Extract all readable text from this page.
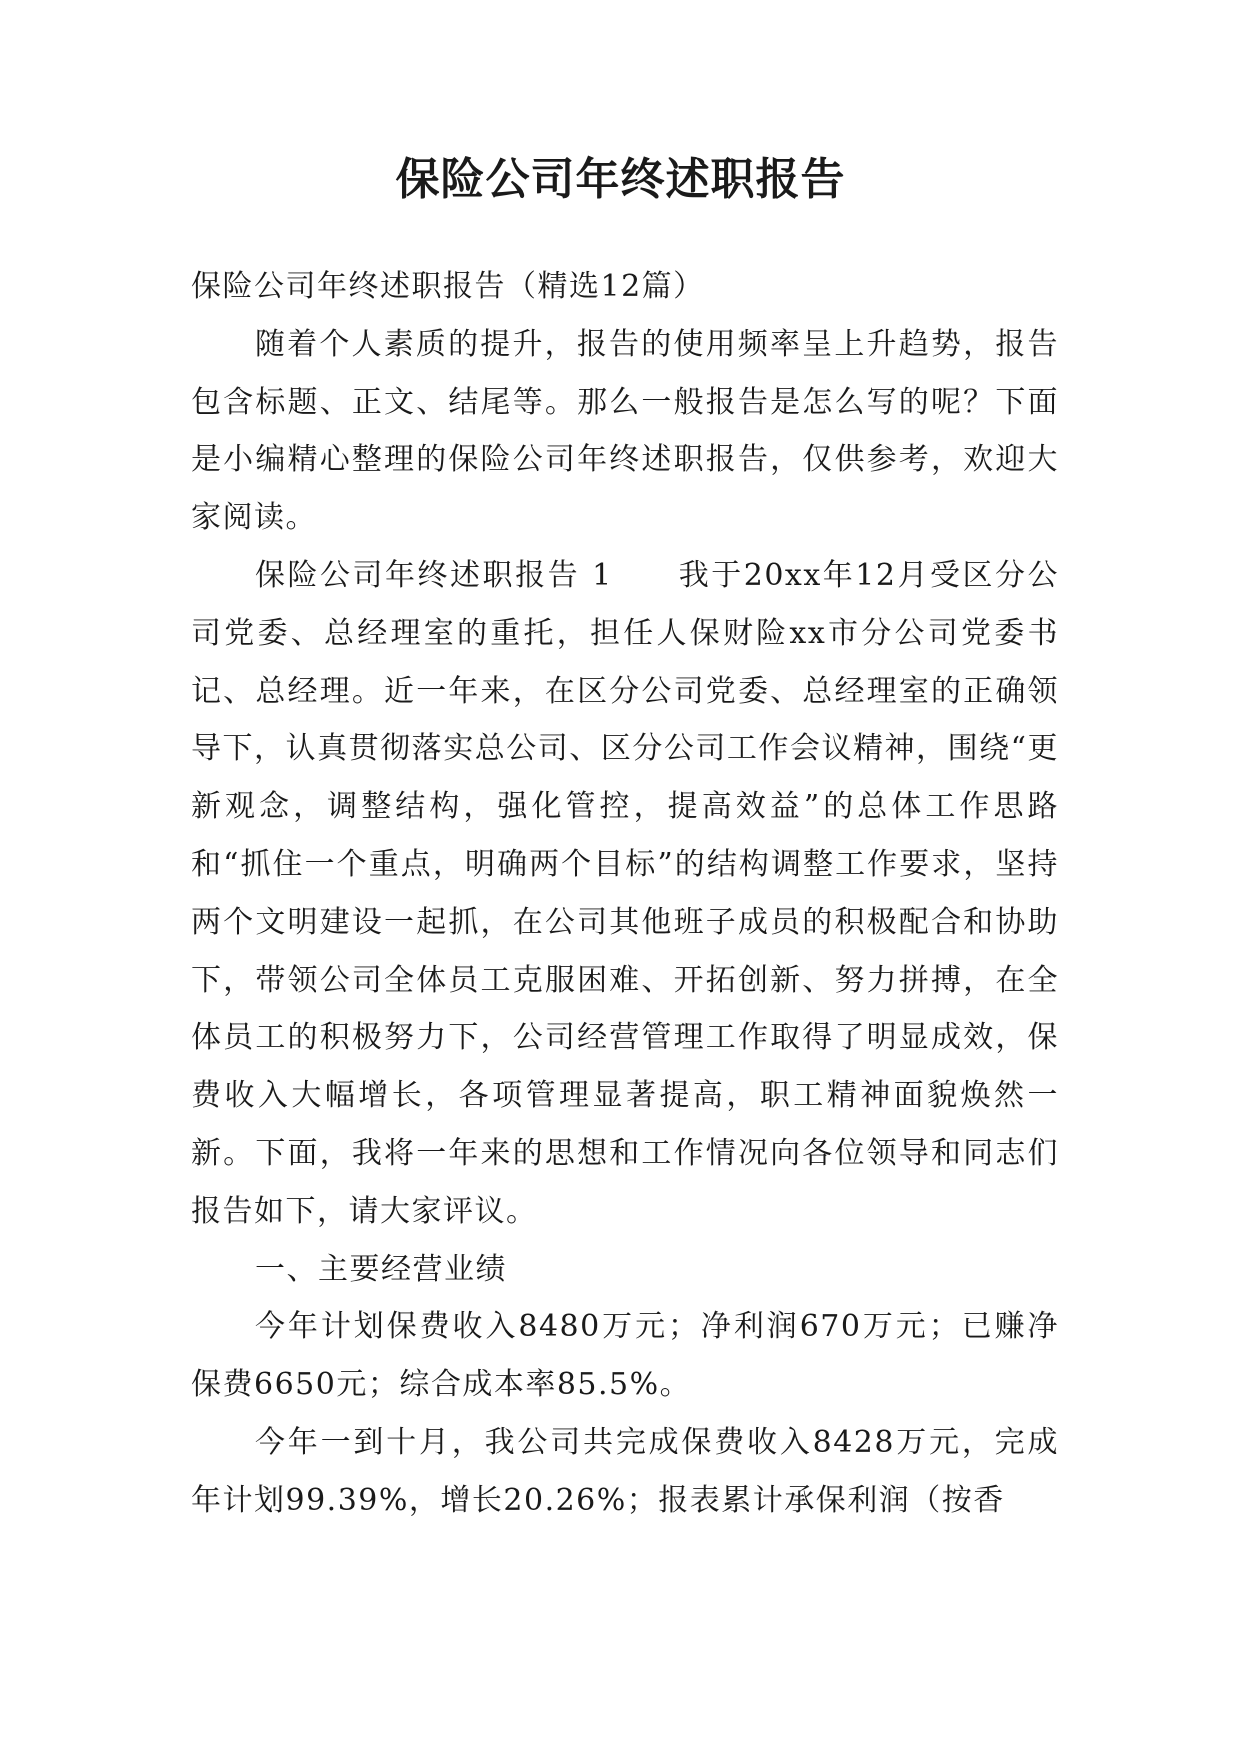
保险公司年终述职报告

保险公司年终述职报告（精选12篇）

随着个人素质的提升，报告的使用频率呈上升趋势，报告包含标题、正文、结尾等。那么一般报告是怎么写的呢？下面是小编精心整理的保险公司年终述职报告，仅供参考，欢迎大家阅读。

保险公司年终述职报告 1　　我于20xx年12月受区分公司党委、总经理室的重托，担任人保财险xx市分公司党委书记、总经理。近一年来，在区分公司党委、总经理室的正确领导下，认真贯彻落实总公司、区分公司工作会议精神，围绕“更新观念，调整结构，强化管控，提高效益”的总体工作思路和“抓住一个重点，明确两个目标”的结构调整工作要求，坚持两个文明建设一起抓，在公司其他班子成员的积极配合和协助下，带领公司全体员工克服困难、开拓创新、努力拼搏，在全体员工的积极努力下，公司经营管理工作取得了明显成效，保费收入大幅增长，各项管理显著提高，职工精神面貌焕然一新。下面，我将一年来的思想和工作情况向各位领导和同志们报告如下，请大家评议。

一、主要经营业绩

今年计划保费收入8480万元；净利润670万元；已赚净保费6650元；综合成本率85.5%。

今年一到十月，我公司共完成保费收入8428万元，完成年计划99.39%，增长20.26%；报表累计承保利润（按香
